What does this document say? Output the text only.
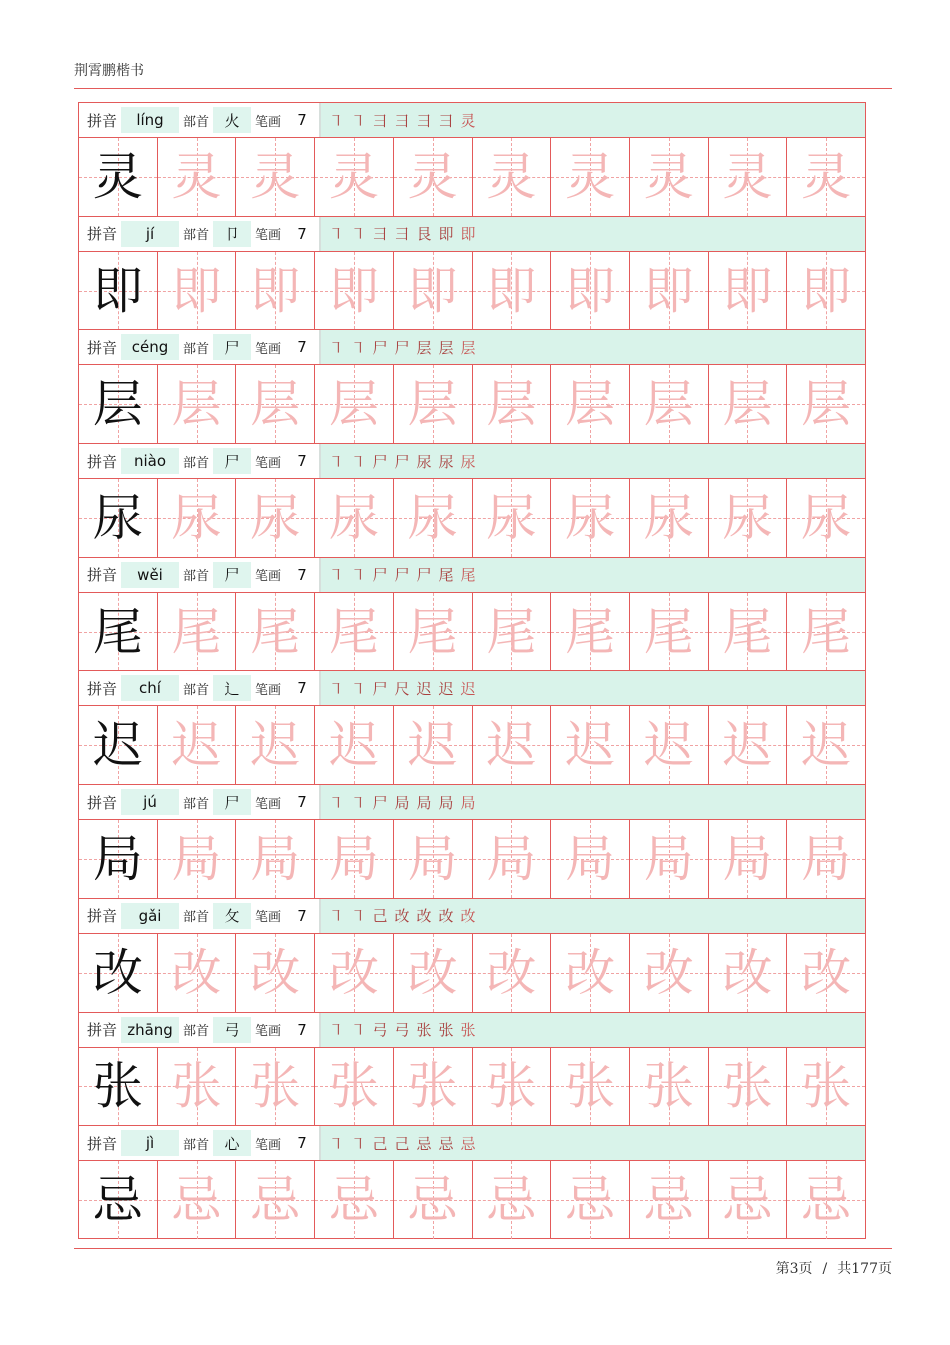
荆霄鹏楷书
拼音	líng	部首	火	笔画	7	㇕ ㇕ ⺕ ⺕ ⺕ ⺕ 灵
灵 灵 灵 灵 灵 灵 灵 灵 灵 灵
拼音	jí	部首	卩	笔画	7	㇕ ㇕ ⺕ ⺕ 艮 即 即
即 即 即 即 即 即 即 即 即 即
拼音 céng	部首	尸	笔画	7	㇕ ㇕ 尸 尸 层 层 层
层 层 层 层 层 层 层 层 层 层
拼音	niào	部首	尸	笔画	7	㇕ ㇕ 尸 尸 尿 尿 尿
尿 尿 尿 尿 尿 尿 尿 尿 尿 尿
拼音	wěi	部首	尸	笔画	7	㇕ ㇕ 尸 尸 尸 尾 尾
尾 尾 尾 尾 尾 尾 尾 尾 尾 尾
拼音	chí	部首	辶	笔画	7	㇕ ㇕ 尸 尺 迟 迟 迟
迟 迟 迟 迟 迟 迟 迟 迟 迟 迟
拼音	jú	部首	尸	笔画	7	㇕ ㇕ 尸 局 局 局 局
局 局 局 局 局 局 局 局 局 局
拼音	gǎi	部首	攵	笔画	7	㇕ ㇕ 己 改 改 改 改
改 改 改 改 改 改 改 改 改 改
拼音 zhāng 部首	弓	笔画	7	㇕ ㇕ 弓 弓 张 张 张
张 张 张 张 张 张 张 张 张 张
拼音	jì	部首	心	笔画	7	㇕ ㇕ 己 己 忌 忌 忌
忌 忌 忌 忌 忌 忌 忌 忌 忌 忌
第3页 / 共177页
